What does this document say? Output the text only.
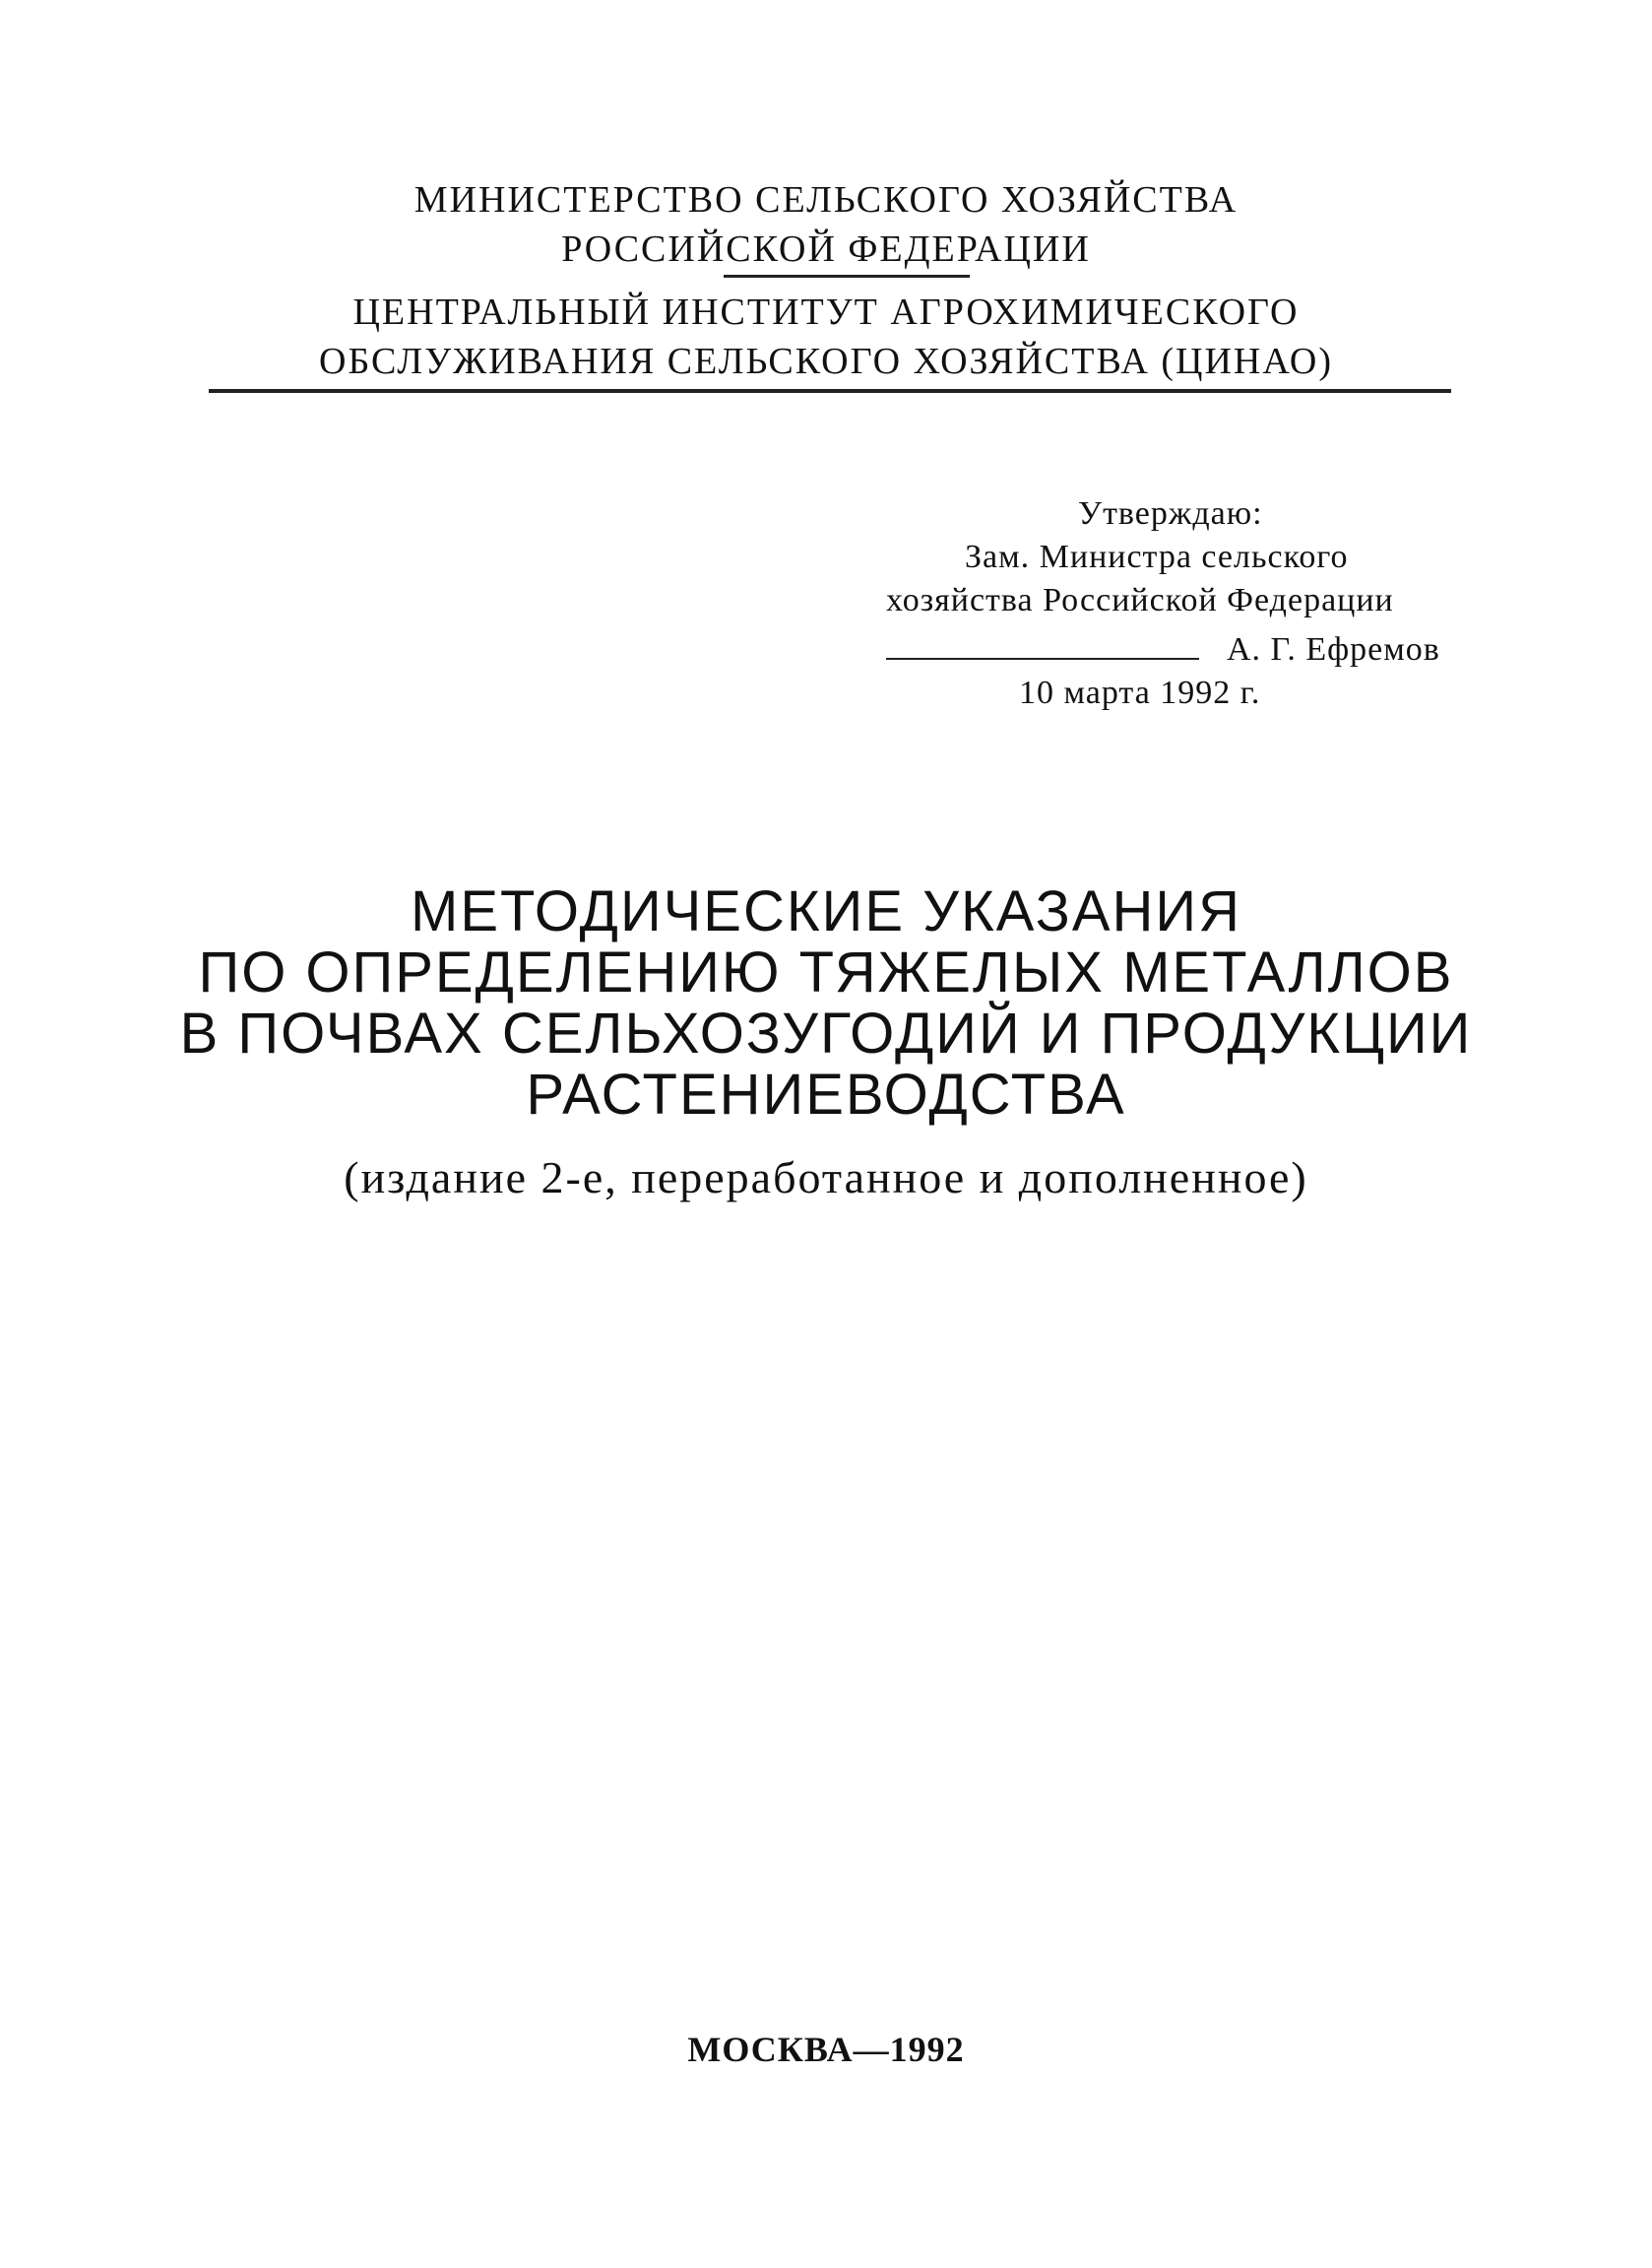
МИНИСТЕРСТВО СЕЛЬСКОГО ХОЗЯЙСТВА
РОССИЙСКОЙ ФЕДЕРАЦИИ
ЦЕНТРАЛЬНЫЙ ИНСТИТУТ АГРОХИМИЧЕСКОГО
ОБСЛУЖИВАНИЯ СЕЛЬСКОГО ХОЗЯЙСТВА (ЦИНАО)
Утверждаю:
Зам. Министра сельского
хозяйства Российской Федерации
А. Г. Ефремов
10 марта 1992 г.
МЕТОДИЧЕСКИЕ УКАЗАНИЯ
ПО ОПРЕДЕЛЕНИЮ ТЯЖЕЛЫХ МЕТАЛЛОВ
В ПОЧВАХ СЕЛЬХОЗУГОДИЙ И ПРОДУКЦИИ
РАСТЕНИЕВОДСТВА
(издание 2-е, переработанное и дополненное)
МОСКВА—1992
